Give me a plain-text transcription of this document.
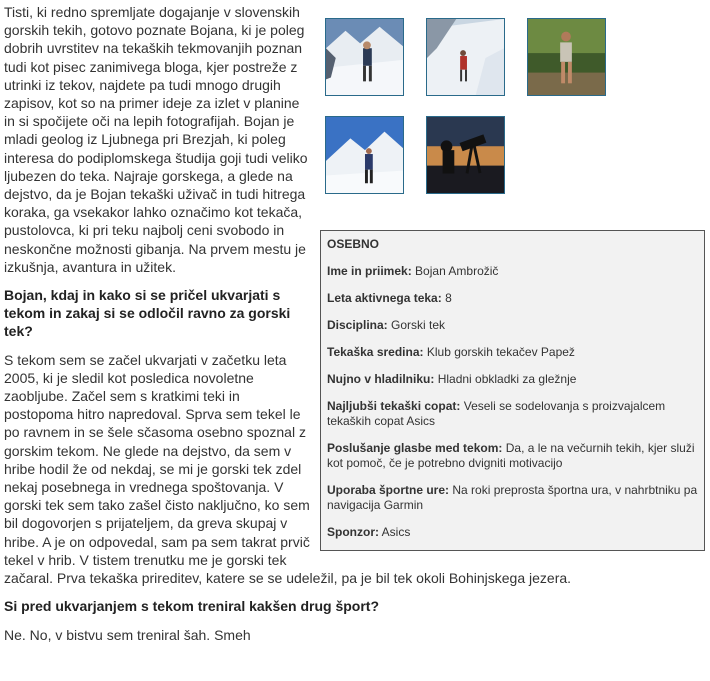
OSEBNO
Ime in priimek: Bojan Ambrožič
Leta aktivnega teka: 8
Disciplina: Gorski tek
Tekaška sredina: Klub gorskih tekačev Papež
Nujno v hladilniku: Hladni obkladki za gležnje
Najljubši tekaški copat: Veseli se sodelovanja s proizvajalcem tekaških copat Asics
Poslušanje glasbe med tekom: Da, a le na večurnih tekih, kjer služi kot pomoč, če je potrebno dvigniti motivacijo
Uporaba športne ure: Na roki preprosta športna ura, v nahrbtniku pa navigacija Garmin
Sponzor: Asics

Tisti, ki redno spremljate dogajanje v slovenskih gorskih tekih, gotovo poznate Bojana, ki je poleg dobrih uvrstitev na tekaških tekmovanjih poznan tudi kot pisec zanimivega bloga, kjer postreže z utrinki iz tekov, najdete pa tudi mnogo drugih zapisov, kot so na primer ideje za izlet v planine in si spočijete oči na lepih fotografijah. Bojan je mladi geolog iz Ljubnega pri Brezjah, ki poleg interesa do podiplomskega študija goji tudi veliko ljubezen do teka. Najraje gorskega, a glede na dejstvo, da je Bojan tekaški uživač in tudi hitrega koraka, ga vsekakor lahko označimo kot tekača, pustolovca, ki pri teku najbolj ceni svobodo in neskončne možnosti gibanja. Na prvem mestu je izkušnja, avantura in užitek.

Bojan, kdaj in kako si se pričel ukvarjati s tekom in zakaj si se odločil ravno za gorski tek?

S tekom sem se začel ukvarjati v začetku leta 2005, ki je sledil kot posledica novoletne zaobljube. Začel sem s kratkimi teki in postopoma hitro napredoval. Sprva sem tekel le po ravnem in se šele sčasoma osebno spoznal z gorskim tekom. Ne glede na dejstvo, da sem v hribe hodil že od nekdaj, se mi je gorski tek zdel nekaj posebnega in vrednega spoštovanja. V gorski tek sem tako zašel čisto naključno, ko sem bil dogovorjen s prijateljem, da greva skupaj v hribe. A je on odpovedal, sam pa sem takrat prvič tekel v hrib. V tistem trenutku me je gorski tek začaral. Prva tekaška prireditev, katere se se udeležil, pa je bil tek okoli Bohinjskega jezera.

Si pred ukvarjanjem s tekom treniral kakšen drug šport?

Ne. No, v bistvu sem treniral šah. Smeh
